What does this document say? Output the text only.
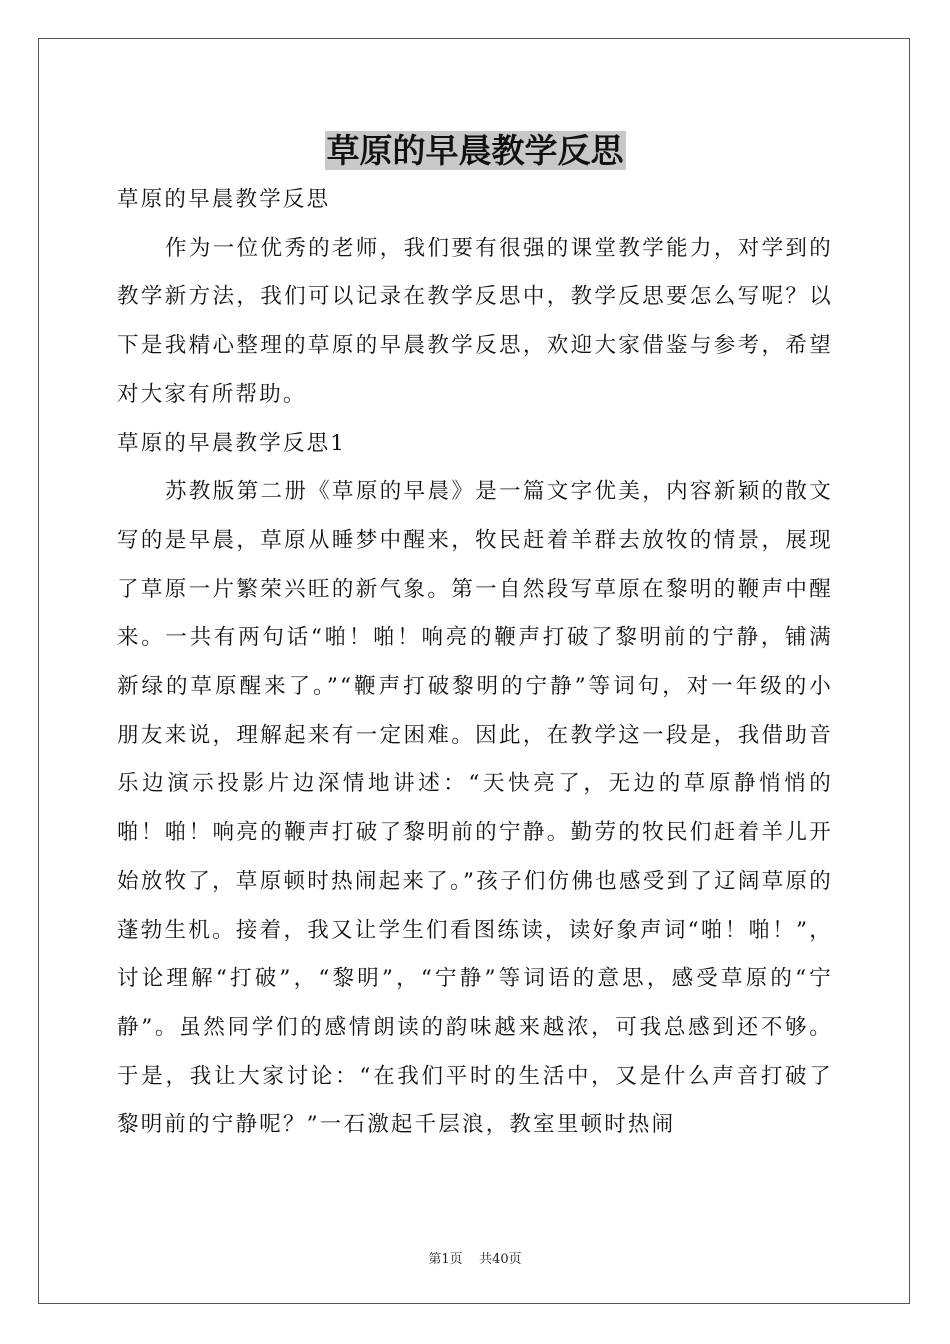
草原的早晨教学反思

草原的早晨教学反思

作为一位优秀的老师，我们要有很强的课堂教学能力，对学到的教学新方法，我们可以记录在教学反思中，教学反思要怎么写呢？以下是我精心整理的草原的早晨教学反思，欢迎大家借鉴与参考，希望对大家有所帮助。

草原的早晨教学反思1

苏教版第二册《草原的早晨》是一篇文字优美，内容新颖的散文写的是早晨，草原从睡梦中醒来，牧民赶着羊群去放牧的情景，展现了草原一片繁荣兴旺的新气象。第一自然段写草原在黎明的鞭声中醒来。一共有两句话“啪！啪！响亮的鞭声打破了黎明前的宁静，铺满新绿的草原醒来了。”“鞭声打破黎明的宁静”等词句，对一年级的小朋友来说，理解起来有一定困难。因此，在教学这一段是，我借助音乐边演示投影片边深情地讲述：“天快亮了，无边的草原静悄悄的啪！啪！响亮的鞭声打破了黎明前的宁静。勤劳的牧民们赶着羊儿开始放牧了，草原顿时热闹起来了。”孩子们仿佛也感受到了辽阔草原的蓬勃生机。接着，我又让学生们看图练读，读好象声词“啪！啪！”，讨论理解“打破”，“黎明”，“宁静”等词语的意思，感受草原的“宁静”。虽然同学们的感情朗读的韵味越来越浓，可我总感到还不够。于是，我让大家讨论：“在我们平时的生活中，又是什么声音打破了黎明前的宁静呢？”一石激起千层浪，教室里顿时热闹

第1页    共40页
